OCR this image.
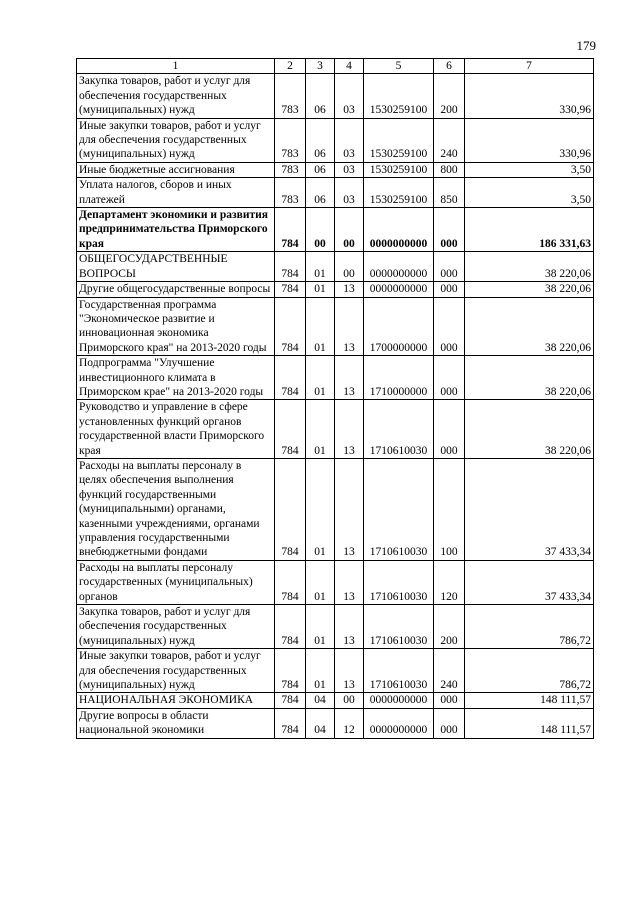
179
1	2	3	4	5	6	7
Закупка товаров, работ и услуг для обеспечения государственных (муниципальных) нужд	783	06	03	1530259100	200	330,96
Иные закупки товаров, работ и услуг для обеспечения государственных (муниципальных) нужд	783	06	03	1530259100	240	330,96
Иные бюджетные ассигнования	783	06	03	1530259100	800	3,50
Уплата налогов, сборов и иных платежей	783	06	03	1530259100	850	3,50
Департамент экономики и развития предпринимательства Приморского края	784	00	00	0000000000	000	186 331,63
ОБЩЕГОСУДАРСТВЕННЫЕ ВОПРОСЫ	784	01	00	0000000000	000	38 220,06
Другие общегосударственные вопросы	784	01	13	0000000000	000	38 220,06
Государственная программа "Экономическое развитие и инновационная экономика Приморского края" на 2013-2020 годы	784	01	13	1700000000	000	38 220,06
Подпрограмма "Улучшение инвестиционного климата в Приморском крае" на 2013-2020 годы	784	01	13	1710000000	000	38 220,06
Руководство и управление в сфере установленных функций органов государственной власти Приморского края	784	01	13	1710610030	000	38 220,06
Расходы на выплаты персоналу в целях обеспечения выполнения функций государственными (муниципальными) органами, казенными учреждениями, органами управления государственными внебюджетными фондами	784	01	13	1710610030	100	37 433,34
Расходы на выплаты персоналу государственных (муниципальных) органов	784	01	13	1710610030	120	37 433,34
Закупка товаров, работ и услуг для обеспечения государственных (муниципальных) нужд	784	01	13	1710610030	200	786,72
Иные закупки товаров, работ и услуг для обеспечения государственных (муниципальных) нужд	784	01	13	1710610030	240	786,72
НАЦИОНАЛЬНАЯ ЭКОНОМИКА	784	04	00	0000000000	000	148 111,57
Другие вопросы в области национальной экономики	784	04	12	0000000000	000	148 111,57
